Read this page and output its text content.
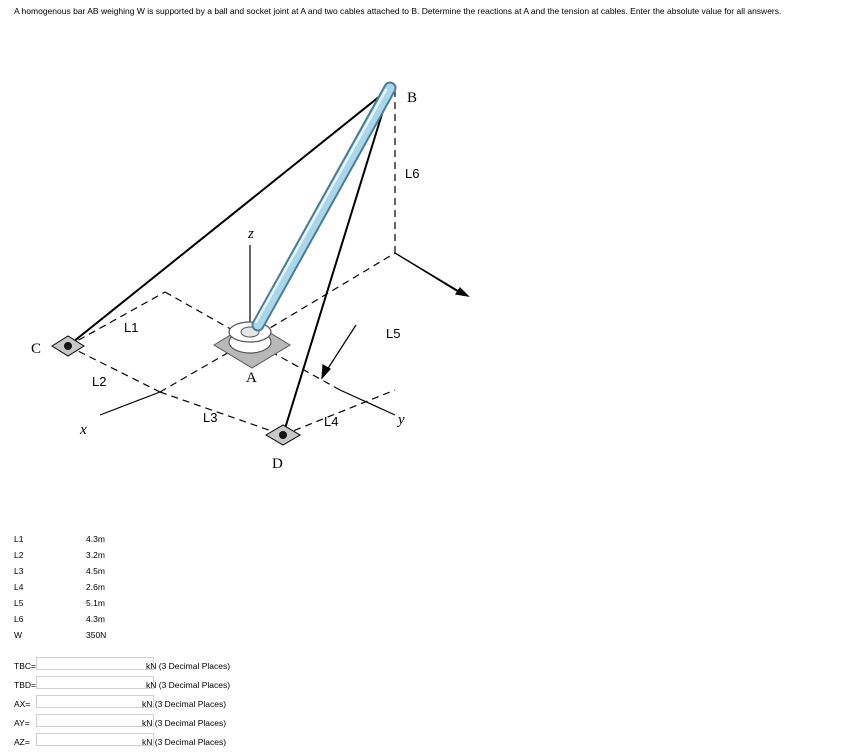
A homogenous bar AB weighing W is supported by a ball and socket joint at A and two cables attached to B. Determine the reactions at A and the tension at cables. Enter the absolute value for all answers.
B
C
A
D
z
x
y
L1
L2
L3	L4
L5
L6
L1	4.3m
L2	3.2m
L3	4.5m
L4	2.6m
L5	5.1m
L6	4.3m
W	350N
TBC=	kN (3 Decimal Places)
TBD=	kN (3 Decimal Places)
AX=	kN (3 Decimal Places)
AY=	kN (3 Decimal Places)
AZ=	kN (3 Decimal Places)
